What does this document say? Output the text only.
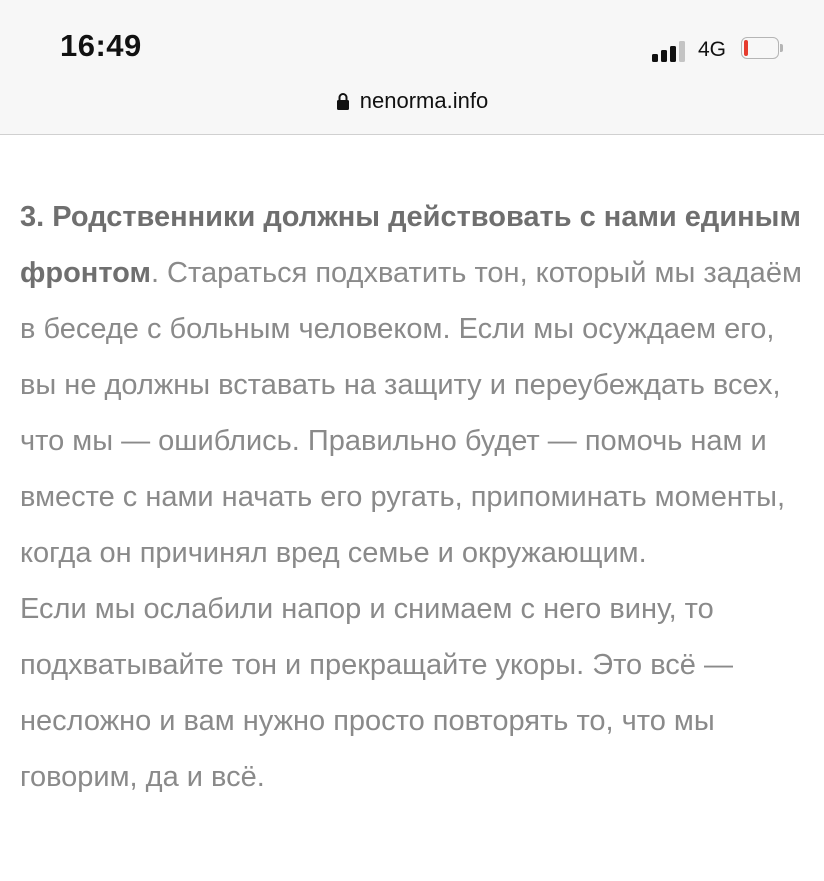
16:49	4G
nenorma.info

3. Родственники должны действовать с нами единым фронтом. Стараться подхватить тон, который мы задаём в беседе с больным человеком. Если мы осуждаем его, вы не должны вставать на защиту и переубеждать всех, что мы — ошиблись. Правильно будет — помочь нам и вместе с нами начать его ругать, припоминать моменты, когда он причинял вред семье и окружающим.

Если мы ослабили напор и снимаем с него вину, то подхватывайте тон и прекращайте укоры. Это всё — несложно и вам нужно просто повторять то, что мы говорим, да и всё.
